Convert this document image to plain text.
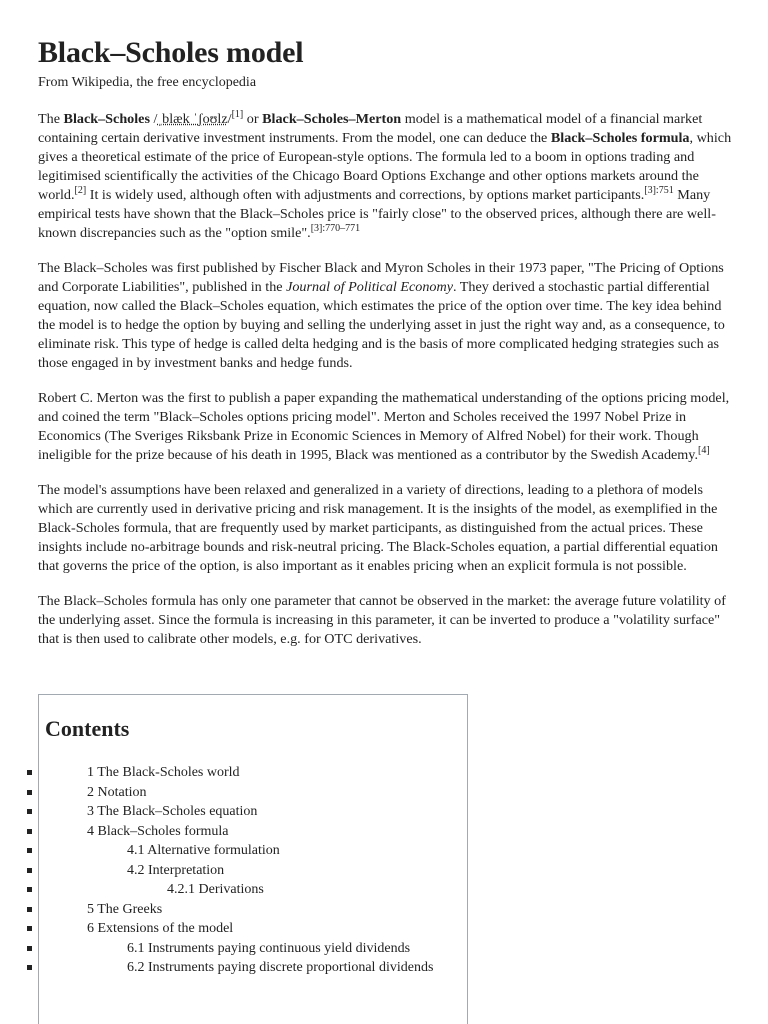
Black–Scholes model
From Wikipedia, the free encyclopedia

The Black–Scholes /ˌblæk ˈʃoʊlz/[1] or Black–Scholes–Merton model is a mathematical model of a financial market containing certain derivative investment instruments. From the model, one can deduce the Black–Scholes formula, which gives a theoretical estimate of the price of European-style options. The formula led to a boom in options trading and legitimised scientifically the activities of the Chicago Board Options Exchange and other options markets around the world.[2] It is widely used, although often with adjustments and corrections, by options market participants.$^{[3]:751}$ Many empirical tests have shown that the Black–Scholes price is "fairly close" to the observed prices, although there are well-known discrepancies such as the "option smile".$^{[3]:770-771}$

The Black–Scholes was first published by Fischer Black and Myron Scholes in their 1973 paper, "The Pricing of Options and Corporate Liabilities", published in the Journal of Political Economy. They derived a stochastic partial differential equation, now called the Black–Scholes equation, which estimates the price of the option over time. The key idea behind the model is to hedge the option by buying and selling the underlying asset in just the right way and, as a consequence, to eliminate risk. This type of hedge is called delta hedging and is the basis of more complicated hedging strategies such as those engaged in by investment banks and hedge funds.

Robert C. Merton was the first to publish a paper expanding the mathematical understanding of the options pricing model, and coined the term "Black–Scholes options pricing model". Merton and Scholes received the 1997 Nobel Prize in Economics (The Sveriges Riksbank Prize in Economic Sciences in Memory of Alfred Nobel) for their work. Though ineligible for the prize because of his death in 1995, Black was mentioned as a contributor by the Swedish Academy.[4]

The model's assumptions have been relaxed and generalized in a variety of directions, leading to a plethora of models which are currently used in derivative pricing and risk management. It is the insights of the model, as exemplified in the Black-Scholes formula, that are frequently used by market participants, as distinguished from the actual prices. These insights include no-arbitrage bounds and risk-neutral pricing. The Black-Scholes equation, a partial differential equation that governs the price of the option, is also important as it enables pricing when an explicit formula is not possible.

The Black–Scholes formula has only one parameter that cannot be observed in the market: the average future volatility of the underlying asset. Since the formula is increasing in this parameter, it can be inverted to produce a "volatility surface" that is then used to calibrate other models, e.g. for OTC derivatives.

Contents
1 The Black-Scholes world
2 Notation
3 The Black–Scholes equation
4 Black–Scholes formula
4.1 Alternative formulation
4.2 Interpretation
4.2.1 Derivations
5 The Greeks
6 Extensions of the model
6.1 Instruments paying continuous yield dividends
6.2 Instruments paying discrete proportional dividends
